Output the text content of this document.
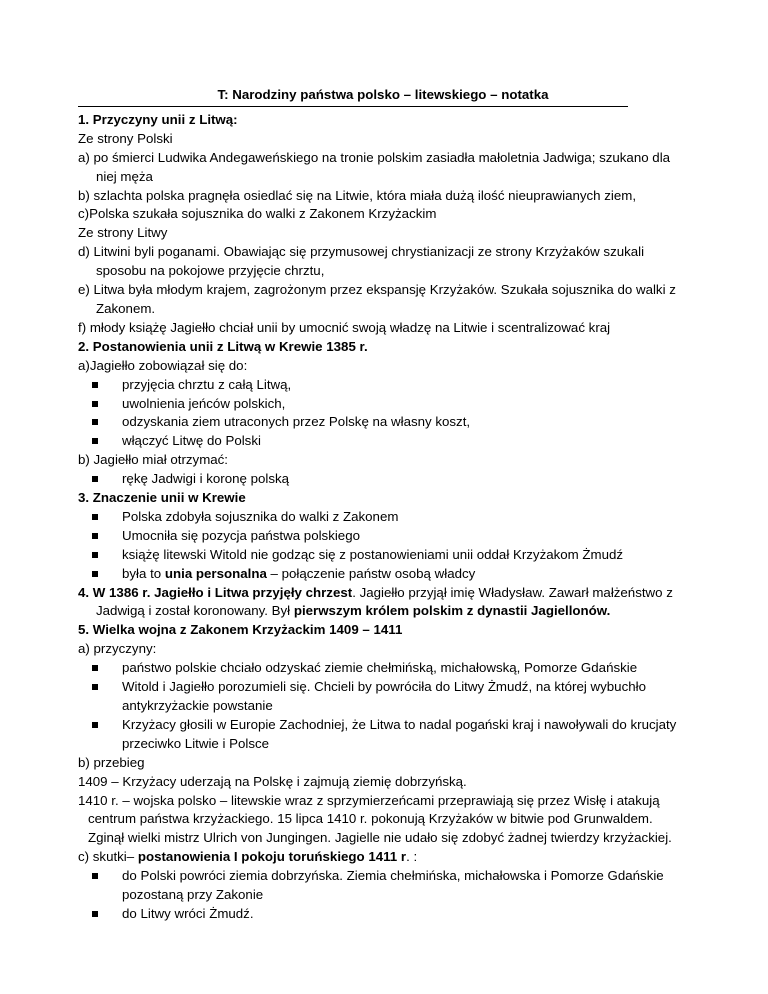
T: Narodziny państwa polsko – litewskiego – notatka
1. Przyczyny unii z Litwą:
Ze strony Polski
a) po śmierci Ludwika Andegaweńskiego na tronie polskim zasiadła małoletnia Jadwiga; szukano dla niej męża
b) szlachta polska pragnęła osiedlać się na Litwie, która miała dużą ilość nieuprawianych ziem,
c)Polska szukała sojusznika do walki z Zakonem Krzyżackim
Ze strony Litwy
d) Litwini byli poganami. Obawiając się przymusowej chrystianizacji ze strony Krzyżaków szukali sposobu na pokojowe przyjęcie chrztu,
e) Litwa była młodym krajem, zagrożonym przez ekspansję Krzyżaków. Szukała sojusznika do walki z Zakonem.
f) młody książę Jagiełło chciał unii by umocnić swoją władzę na Litwie i scentralizować kraj
2. Postanowienia unii z Litwą w Krewie 1385 r.
a)Jagiełło zobowiązał się do:
przyjęcia chrztu z całą Litwą,
uwolnienia jeńców polskich,
odzyskania ziem utraconych przez Polskę na własny koszt,
włączyć Litwę do Polski
b) Jagiełło miał otrzymać:
rękę Jadwigi i koronę polską
3. Znaczenie unii w Krewie
Polska zdobyła sojusznika do walki z Zakonem
Umocniła się pozycja państwa polskiego
książę litewski Witold nie godząc się z postanowieniami unii oddał Krzyżakom Żmudź
była to unia personalna – połączenie państw osobą władcy
4. W 1386 r. Jagiełło i Litwa przyjęły chrzest. Jagiełło przyjął imię Władysław. Zawarł małżeństwo z Jadwigą i został koronowany. Był pierwszym królem polskim z dynastii Jagiellonów.
5. Wielka wojna z Zakonem Krzyżackim 1409 – 1411
a) przyczyny:
państwo polskie chciało odzyskać ziemie chełmińską, michałowską, Pomorze Gdańskie
Witold i Jagiełło porozumieli się. Chcieli by powróciła do Litwy Żmudź, na której wybuchło antykrzyżackie powstanie
Krzyżacy głosili w Europie Zachodniej, że Litwa to nadal pogański kraj i nawoływali do krucjaty przeciwko Litwie i Polsce
b) przebieg
1409 – Krzyżacy uderzają na Polskę i zajmują ziemię dobrzyńską.
1410 r. – wojska polsko – litewskie wraz z sprzymierzeńcami przeprawiają się przez Wisłę i atakują centrum państwa krzyżackiego. 15 lipca 1410 r. pokonują Krzyżaków w bitwie pod Grunwaldem. Zginął wielki mistrz Ulrich von Jungingen. Jagielle nie udało się zdobyć żadnej twierdzy krzyżackiej.
c) skutki– postanowienia I pokoju toruńskiego 1411 r. :
do Polski powróci ziemia dobrzyńska. Ziemia chełmińska, michałowska i Pomorze Gdańskie pozostaną przy Zakonie
do Litwy wróci Żmudź.
